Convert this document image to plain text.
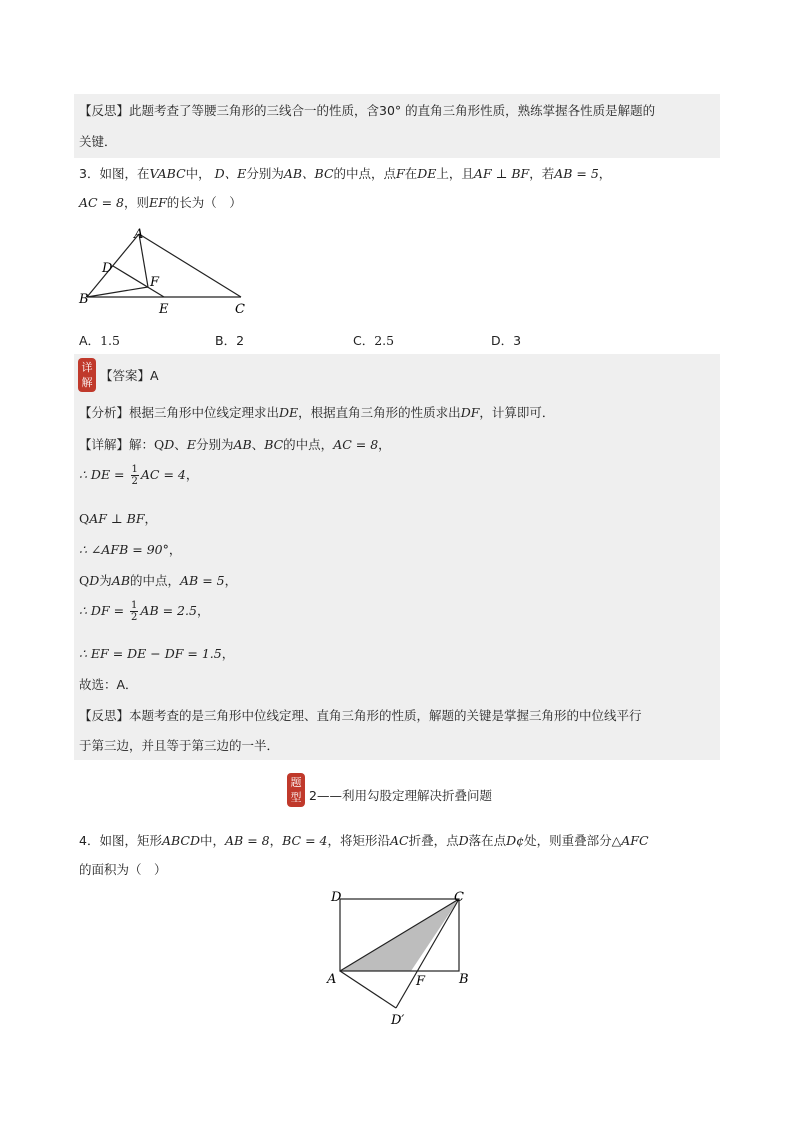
【反思】此题考查了等腰三角形的三线合一的性质，含30° 的直角三角形性质，熟练掌握各性质是解题的
关键．
3．如图，在VABC中， D、E分别为AB、BC的中点，点F在DE上，且AF ⊥ BF，若AB = 5，
AC = 8，则EF的长为（　）
A
D
F
B
E	C
A．1.5	B．2	C．2.5	D．3
详
解 【答案】A
【分析】根据三角形中位线定理求出DE，根据直角三角形的性质求出DF，计算即可．
【详解】解：QD、E分别为AB、BC的中点，AC = 8，
∴ DE = $\frac{1}{2}$ AC = 4，
QAF ⊥ BF，
∴ ∠AFB = 90°，
QD为AB的中点，AB = 5，
∴ DF = $\frac{1}{2}$ AB = 2.5，
∴ EF = DE − DF = 1.5，
故选：A．
【反思】本题考查的是三角形中位线定理、直角三角形的性质，解题的关键是掌握三角形的中位线平行
于第三边，并且等于第三边的一半．
题
型 2——利用勾股定理解决折叠问题
4．如图，矩形ABCD中，AB = 8，BC = 4，将矩形沿AC折叠，点D落在点D¢处，则重叠部分△AFC
的面积为（　）
D	C
A	B
F
D′
